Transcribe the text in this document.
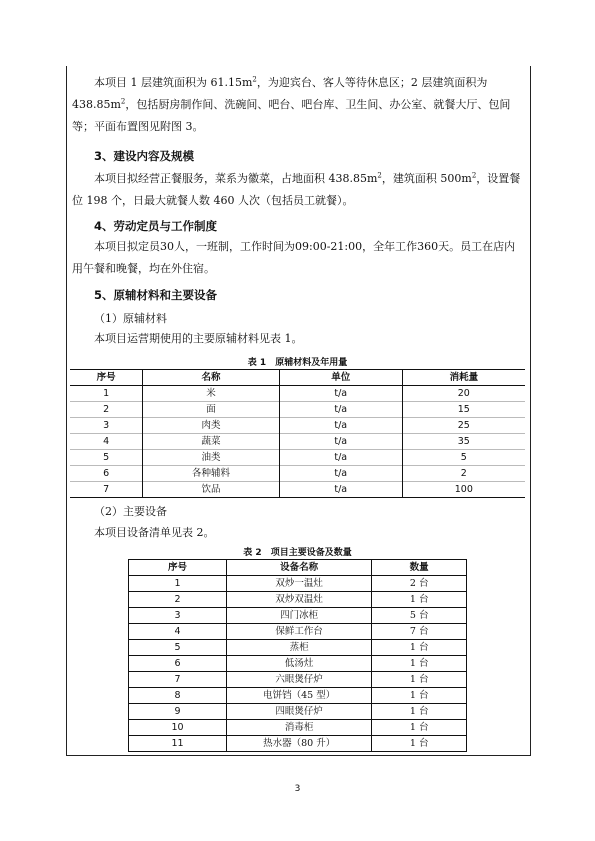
本项目 1 层建筑面积为 $61.15m^2$，为迎宾台、客人等待休息区；2 层建筑面积为 $438.85m^2$，包括厨房制作间、洗碗间、吧台、吧台库、卫生间、办公室、就餐大厅、包间等；平面布置图见附图 3。

3、建设内容及规模

本项目拟经营正餐服务，菜系为徽菜，占地面积 $438.85m^2$，建筑面积 $500m^2$，设置餐位 198 个，日最大就餐人数 460 人次（包括员工就餐）。

4、劳动定员与工作制度

本项目拟定员30人，一班制，工作时间为09:00-21:00，全年工作360天。员工在店内用午餐和晚餐，均在外住宿。

5、原辅材料和主要设备

（1）原辅材料

本项目运营期使用的主要原辅材料见表 1。

表 1　原辅材料及年用量

序号	名称	单位	消耗量
1	米	t/a	20
2	面	t/a	15
3	肉类	t/a	25
4	蔬菜	t/a	35
5	油类	t/a	5
6	各种辅料	t/a	2
7	饮品	t/a	100

（2）主要设备

本项目设备清单见表 2。

表 2　项目主要设备及数量

序号	设备名称	数量
1	双炒一温灶	2 台
2	双炒双温灶	1 台
3	四门冰柜	5 台
4	保鲜工作台	7 台
5	蒸柜	1 台
6	低汤灶	1 台
7	六眼煲仔炉	1 台
8	电饼铛（45 型）	1 台
9	四眼煲仔炉	1 台
10	消毒柜	1 台
11	热水器（80 升）	1 台
3
